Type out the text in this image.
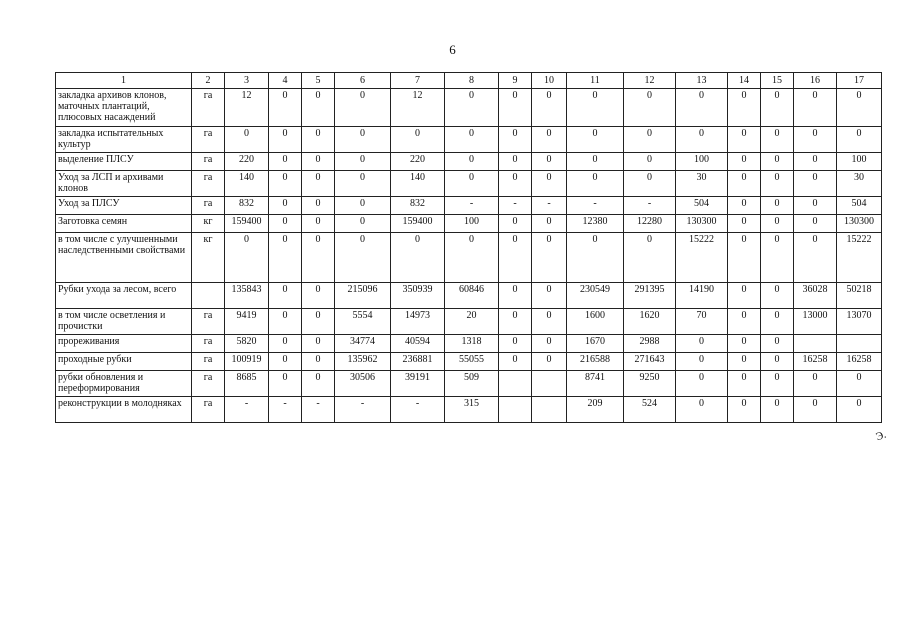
6
1	2	3	4	5	6	7	8	9	10	11	12	13	14	15	16	17
закладка архивов клонов, маточных плантаций, плюсовых насаждений	га	12	0	0	0	12	0	0	0	0	0	0	0	0	0	0
закладка испытательных культур	га	0	0	0	0	0	0	0	0	0	0	0	0	0	0	0
выделение ПЛСУ	га	220	0	0	0	220	0	0	0	0	0	100	0	0	0	100
Уход за ЛСП и архивами клонов	га	140	0	0	0	140	0	0	0	0	0	30	0	0	0	30
Уход за ПЛСУ	га	832	0	0	0	832	-	-	-	-	-	504	0	0	0	504
Заготовка семян	кг	159400	0	0	0	159400	100	0	0	12380	12280	130300	0	0	0	130300
в том числе с улучшенными наследственными свойствами	кг	0	0	0	0	0	0	0	0	0	0	15222	0	0	0	15222
Рубки ухода за лесом, всего		135843	0	0	215096	350939	60846	0	0	230549	291395	14190	0	0	36028	50218
в том числе осветления и прочистки	га	9419	0	0	5554	14973	20	0	0	1600	1620	70	0	0	13000	13070
прореживания	га	5820	0	0	34774	40594	1318	0	0	1670	2988	0	0	0		
проходные рубки	га	100919	0	0	135962	236881	55055	0	0	216588	271643	0	0	0	16258	16258
рубки обновления и переформирования	га	8685	0	0	30506	39191	509			8741	9250	0	0	0	0	0
реконструкции в молодняках	га	-	-	-	-	-	315			209	524	0	0	0	0	0
Э.
